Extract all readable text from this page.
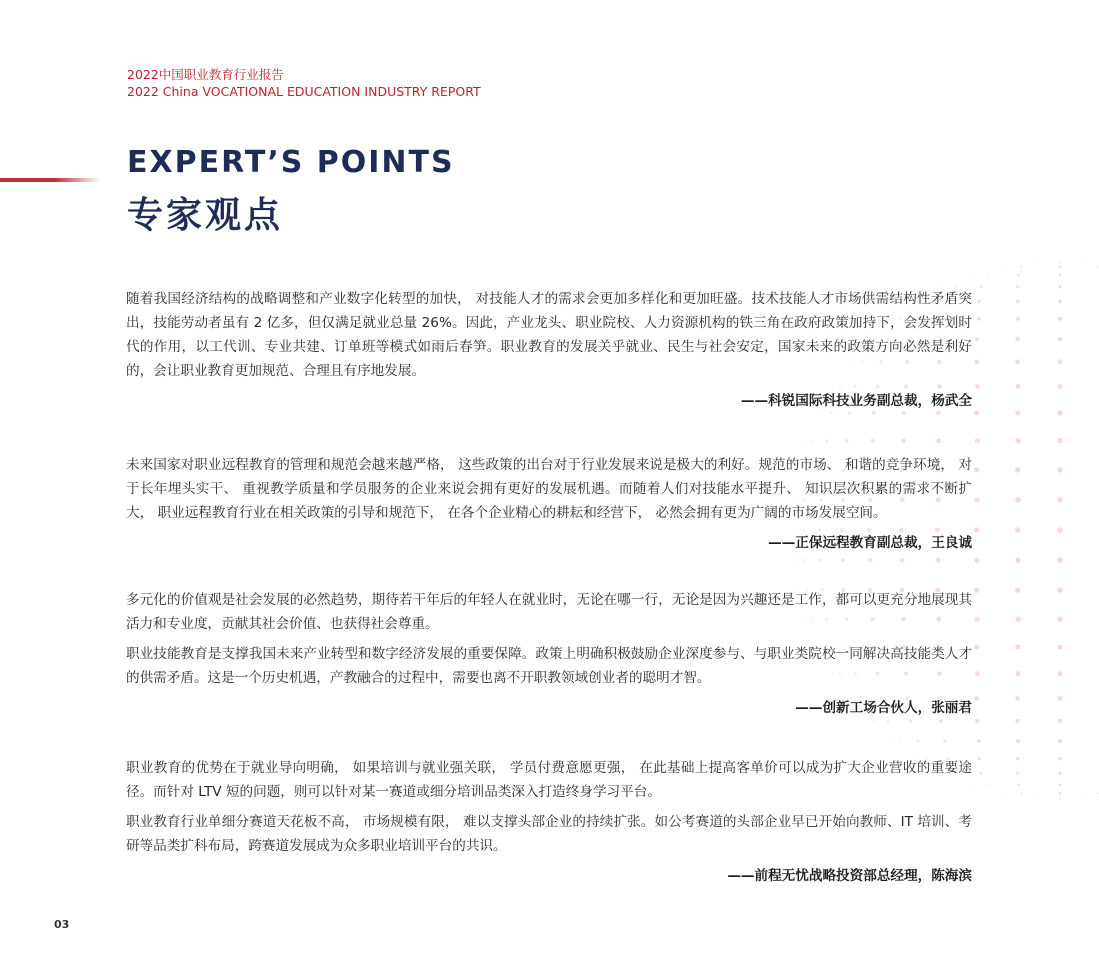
2022中国职业教育行业报告
2022 China VOCATIONAL EDUCATION INDUSTRY REPORT
EXPERT’S POINTS
专家观点

随着我国经济结构的战略调整和产业数字化转型的加快， 对技能人才的需求会更加多样化和更加旺盛。技术技能人才市场供需结构性矛盾突出，技能劳动者虽有 2 亿多，但仅满足就业总量 26%。因此，产业龙头、职业院校、人力资源机构的铁三角在政府政策加持下，会发挥划时代的作用，以工代训、专业共建、订单班等模式如雨后春笋。职业教育的发展关乎就业、民生与社会安定，国家未来的政策方向必然是利好的，会让职业教育更加规范、合理且有序地发展。

——科锐国际科技业务副总裁，杨武全

未来国家对职业远程教育的管理和规范会越来越严格， 这些政策的出台对于行业发展来说是极大的利好。规范的市场、 和谐的竞争环境， 对于长年埋头实干、 重视教学质量和学员服务的企业来说会拥有更好的发展机遇。而随着人们对技能水平提升、 知识层次积累的需求不断扩大， 职业远程教育行业在相关政策的引导和规范下， 在各个企业精心的耕耘和经营下， 必然会拥有更为广阔的市场发展空间。

——正保远程教育副总裁，王良诚

多元化的价值观是社会发展的必然趋势，期待若干年后的年轻人在就业时，无论在哪一行，无论是因为兴趣还是工作，都可以更充分地展现其活力和专业度，贡献其社会价值、也获得社会尊重。

职业技能教育是支撑我国未来产业转型和数字经济发展的重要保障。政策上明确积极鼓励企业深度参与、与职业类院校一同解决高技能类人才的供需矛盾。这是一个历史机遇，产教融合的过程中，需要也离不开职教领域创业者的聪明才智。

——创新工场合伙人，张丽君

职业教育的优势在于就业导向明确， 如果培训与就业强关联， 学员付费意愿更强， 在此基础上提高客单价可以成为扩大企业营收的重要途径。而针对 LTV 短的问题，则可以针对某一赛道或细分培训品类深入打造终身学习平台。

职业教育行业单细分赛道天花板不高， 市场规模有限， 难以支撑头部企业的持续扩张。如公考赛道的头部企业早已开始向教师、IT 培训、考研等品类扩科布局，跨赛道发展成为众多职业培训平台的共识。

——前程无忧战略投资部总经理，陈海滨
03
